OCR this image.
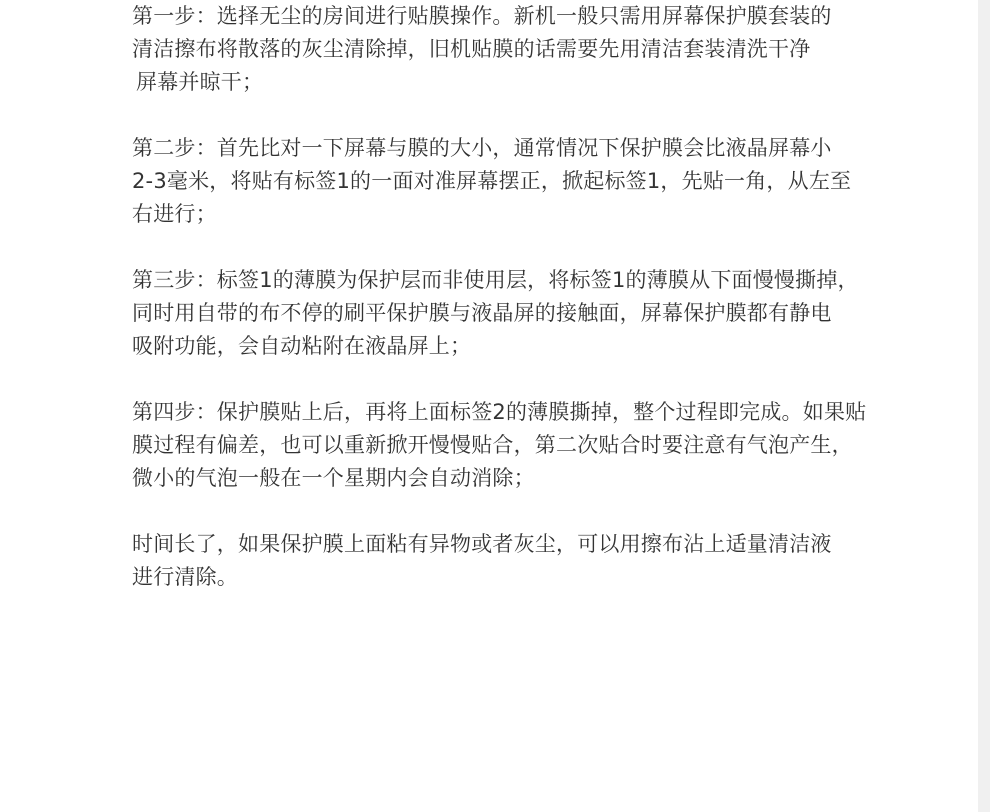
第一步：选择无尘的房间进行贴膜操作。新机一般只需用屏幕保护膜套装的
清洁擦布将散落的灰尘清除掉，旧机贴膜的话需要先用清洁套装清洗干净
屏幕并晾干；

第二步：首先比对一下屏幕与膜的大小，通常情况下保护膜会比液晶屏幕小
2-3毫米，将贴有标签1的一面对准屏幕摆正，掀起标签1，先贴一角，从左至
右进行；

第三步：标签1的薄膜为保护层而非使用层，将标签1的薄膜从下面慢慢撕掉，
同时用自带的布不停的刷平保护膜与液晶屏的接触面，屏幕保护膜都有静电
吸附功能，会自动粘附在液晶屏上；

第四步：保护膜贴上后，再将上面标签2的薄膜撕掉，整个过程即完成。如果贴
膜过程有偏差，也可以重新掀开慢慢贴合，第二次贴合时要注意有气泡产生，
微小的气泡一般在一个星期内会自动消除；

时间长了，如果保护膜上面粘有异物或者灰尘，可以用擦布沾上适量清洁液
进行清除。
